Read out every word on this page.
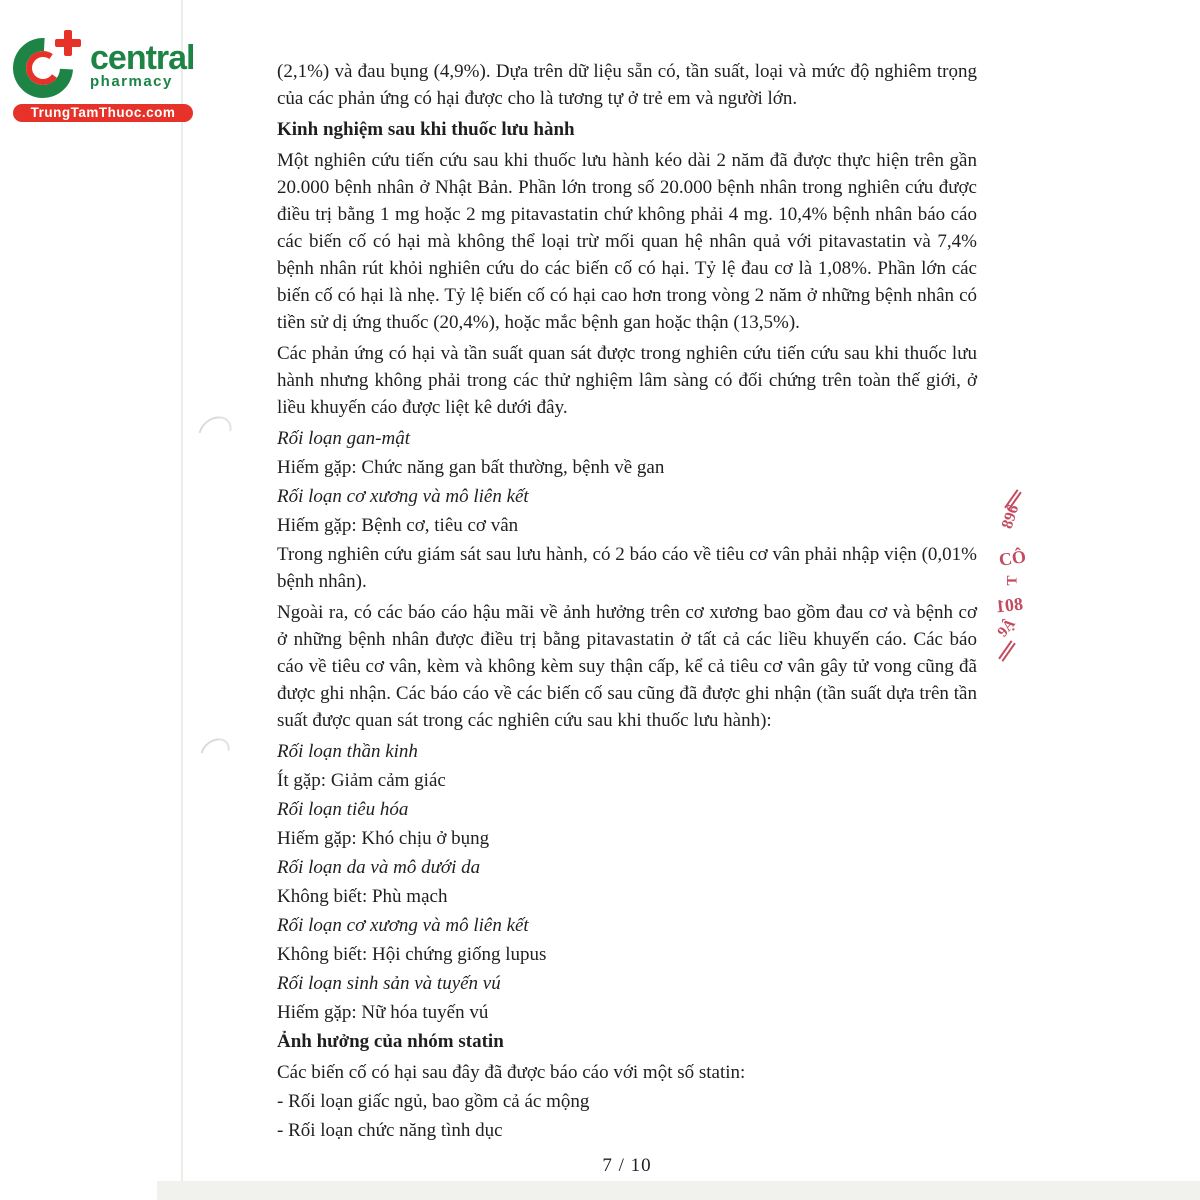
central
pharmacy
TrungTamThuoc.com
(2,1%) và đau bụng (4,9%). Dựa trên dữ liệu sẵn có, tần suất, loại và mức độ nghiêm trọng của các phản ứng có hại được cho là tương tự ở trẻ em và người lớn.
Kinh nghiệm sau khi thuốc lưu hành
Một nghiên cứu tiến cứu sau khi thuốc lưu hành kéo dài 2 năm đã được thực hiện trên gần 20.000 bệnh nhân ở Nhật Bản. Phần lớn trong số 20.000 bệnh nhân trong nghiên cứu được điều trị bằng 1 mg hoặc 2 mg pitavastatin chứ không phải 4 mg. 10,4% bệnh nhân báo cáo các biến cố có hại mà không thể loại trừ mối quan hệ nhân quả với pitavastatin và 7,4% bệnh nhân rút khỏi nghiên cứu do các biến cố có hại. Tỷ lệ đau cơ là 1,08%. Phần lớn các biến cố có hại là nhẹ. Tỷ lệ biến cố có hại cao hơn trong vòng 2 năm ở những bệnh nhân có tiền sử dị ứng thuốc (20,4%), hoặc mắc bệnh gan hoặc thận (13,5%).
Các phản ứng có hại và tần suất quan sát được trong nghiên cứu tiến cứu sau khi thuốc lưu hành nhưng không phải trong các thử nghiệm lâm sàng có đối chứng trên toàn thế giới, ở liều khuyến cáo được liệt kê dưới đây.
Rối loạn gan-mật
Hiếm gặp: Chức năng gan bất thường, bệnh về gan
Rối loạn cơ xương và mô liên kết
Hiếm gặp: Bệnh cơ, tiêu cơ vân
Trong nghiên cứu giám sát sau lưu hành, có 2 báo cáo về tiêu cơ vân phải nhập viện (0,01% bệnh nhân).
Ngoài ra, có các báo cáo hậu mãi về ảnh hưởng trên cơ xương bao gồm đau cơ và bệnh cơ ở những bệnh nhân được điều trị bằng pitavastatin ở tất cả các liều khuyến cáo. Các báo cáo về tiêu cơ vân, kèm và không kèm suy thận cấp, kể cả tiêu cơ vân gây tử vong cũng đã được ghi nhận. Các báo cáo về các biến cố sau cũng đã được ghi nhận (tần suất dựa trên tần suất được quan sát trong các nghiên cứu sau khi thuốc lưu hành):
Rối loạn thần kinh
Ít gặp: Giảm cảm giác
Rối loạn tiêu hóa
Hiếm gặp: Khó chịu ở bụng
Rối loạn da và mô dưới da
Không biết: Phù mạch
Rối loạn cơ xương và mô liên kết
Không biết: Hội chứng giống lupus
Rối loạn sinh sản và tuyến vú
Hiếm gặp: Nữ hóa tuyến vú
Ảnh hưởng của nhóm statin
Các biến cố có hại sau đây đã được báo cáo với một số statin:
- Rối loạn giấc ngủ, bao gồm cả ác mộng
- Rối loạn chức năng tình dục
7 / 10
896
CÔ
T
801
9Ậ
